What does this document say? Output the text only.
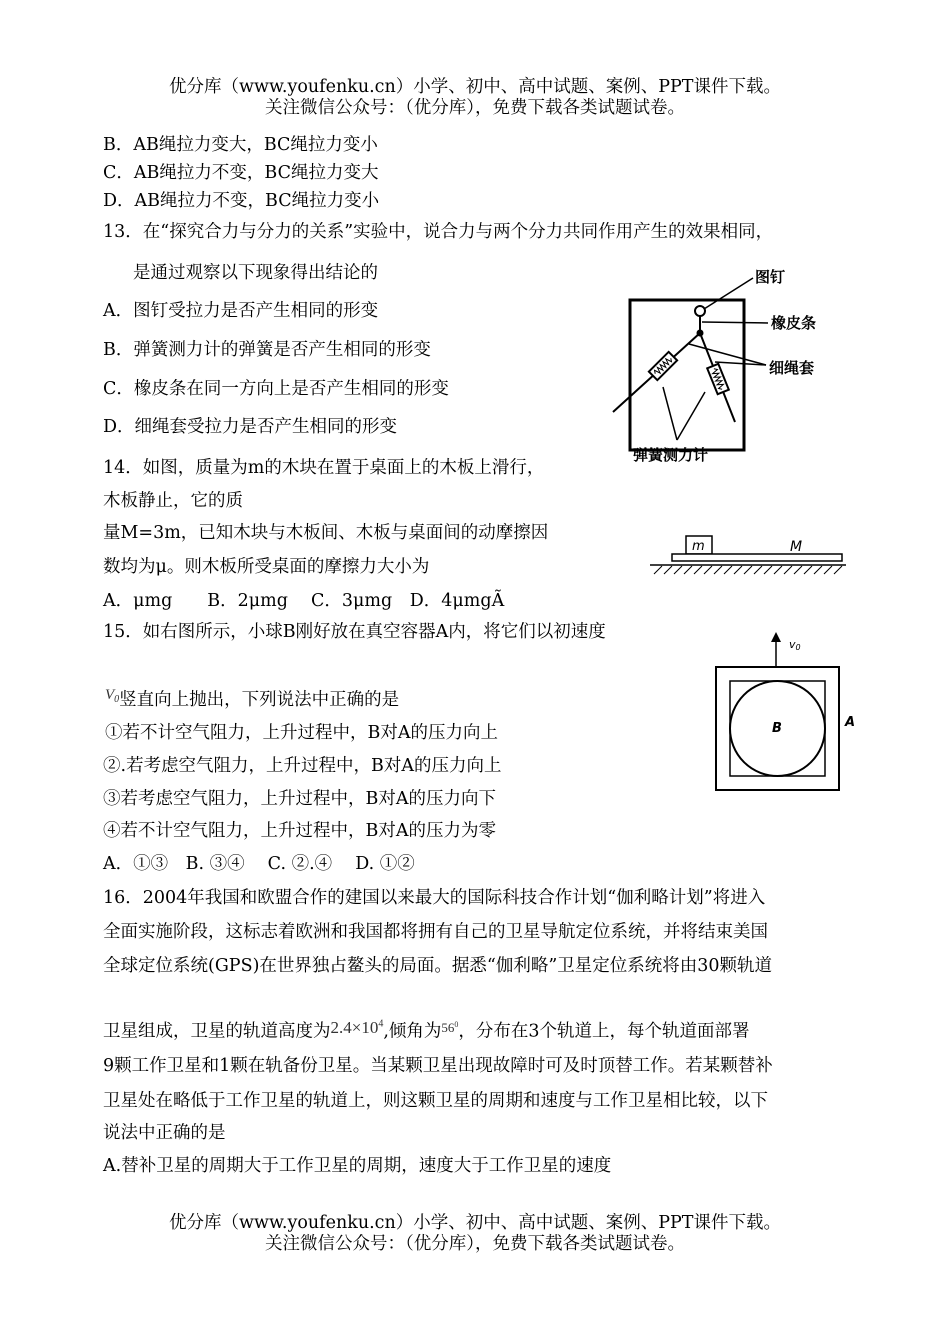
优分库（www.youfenku.cn）小学、初中、高中试题、案例、PPT课件下载。
关注微信公众号：（优分库），免费下载各类试题试卷。
B．AB绳拉力变大，BC绳拉力变小
C．AB绳拉力不变，BC绳拉力变大
D．AB绳拉力不变，BC绳拉力变小
13．在“探究合力与分力的关系”实验中，说合力与两个分力共同作用产生的效果相同，
是通过观察以下现象得出结论的
A．图钉受拉力是否产生相同的形变
B．弹簧测力计的弹簧是否产生相同的形变
C．橡皮条在同一方向上是否产生相同的形变
D．细绳套受拉力是否产生相同的形变
图钉
橡皮条
细绳套
弹簧测力计
14．如图，质量为m的木块在置于桌面上的木板上滑行，
木板静止，它的质
量M=3m，已知木块与木板间、木板与桌面间的动摩擦因
数均为μ。则木板所受桌面的摩擦力大小为
A．μmg　　B．2μmg　 C．3μmg　D．4μmgÃ
m	M
15．如右图所示，小球B刚好放在真空容器A内，将它们以初速度
V0竖直向上抛出，下列说法中正确的是
①若不计空气阻力，上升过程中，B对A的压力向上
②.若考虑空气阻力，上升过程中，B对A的压力向上
③若考虑空气阻力，上升过程中，B对A的压力向下
④若不计空气阻力，上升过程中，B对A的压力为零
A．①③　B. ③④　 C. ②.④　 D. ①②
v0
B	A
16．2004年我国和欧盟合作的建国以来最大的国际科技合作计划“伽利略计划”将进入
全面实施阶段，这标志着欧洲和我国都将拥有自己的卫星导航定位系统，并将结束美国
全球定位系统(GPS)在世界独占鳌头的局面。据悉“伽利略”卫星定位系统将由30颗轨道
卫星组成，卫星的轨道高度为$2.4\times 10^4$,倾角为$^{56^0}$，分布在3个轨道上，每个轨道面部署
9颗工作卫星和1颗在轨备份卫星。当某颗卫星出现故障时可及时顶替工作。若某颗替补
卫星处在略低于工作卫星的轨道上，则这颗卫星的周期和速度与工作卫星相比较，以下
说法中正确的是
A.替补卫星的周期大于工作卫星的周期，速度大于工作卫星的速度
优分库（www.youfenku.cn）小学、初中、高中试题、案例、PPT课件下载。
关注微信公众号：（优分库），免费下载各类试题试卷。
